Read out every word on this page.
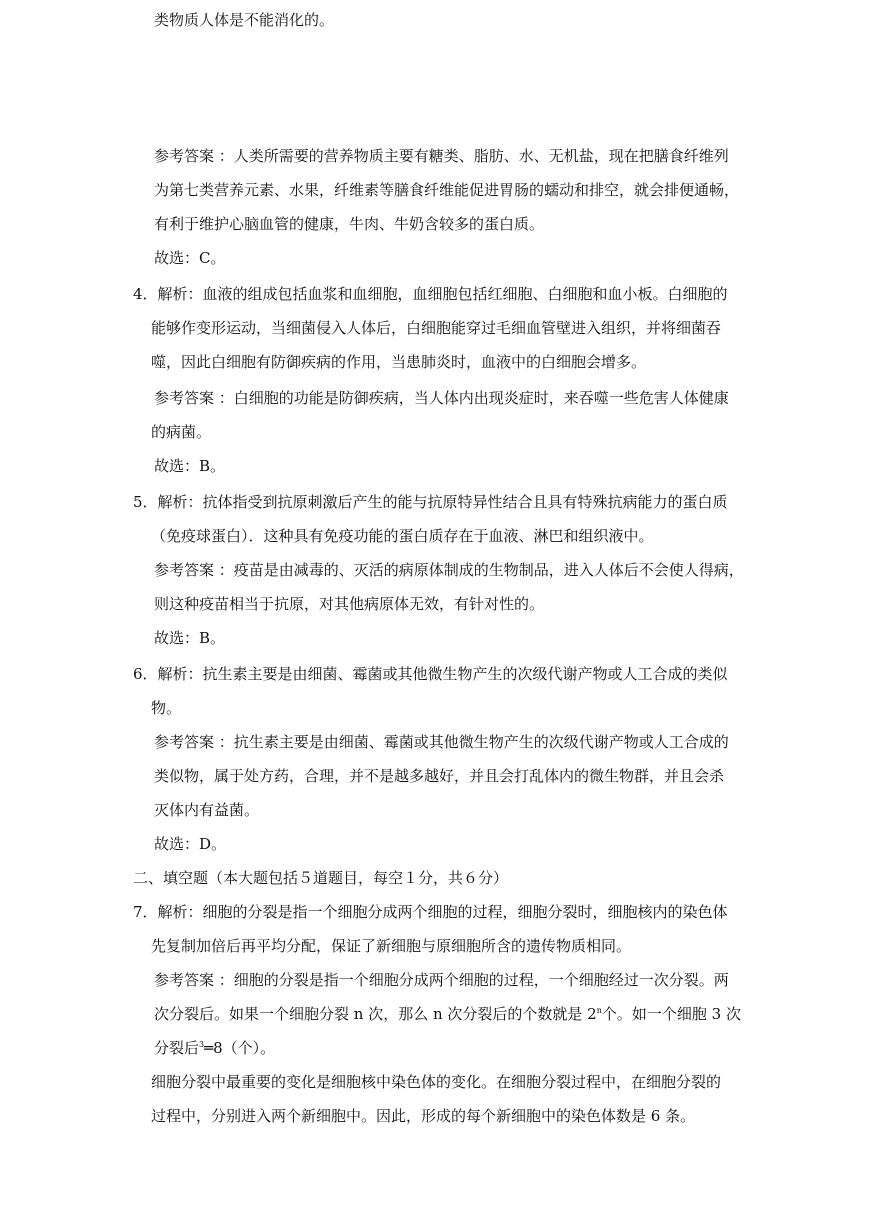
类物质人体是不能消化的。
参考答案 ：人类所需要的营养物质主要有糖类、脂肪、水、无机盐，现在把膳食纤维列
为第七类营养元素、水果，纤维素等膳食纤维能促进胃肠的蠕动和排空，就会排便通畅，
有利于维护心脑血管的健康，牛肉、牛奶含较多的蛋白质。
故选：C。
4．解析：血液的组成包括血浆和血细胞，血细胞包括红细胞、白细胞和血小板。白细胞的
能够作变形运动，当细菌侵入人体后，白细胞能穿过毛细血管壁进入组织，并将细菌吞
噬，因此白细胞有防御疾病的作用，当患肺炎时，血液中的白细胞会增多。
参考答案 ：白细胞的功能是防御疾病，当人体内出现炎症时，来吞噬一些危害人体健康
的病菌。
故选：B。
5．解析：抗体指受到抗原刺激后产生的能与抗原特异性结合且具有特殊抗病能力的蛋白质
（免疫球蛋白）．这种具有免疫功能的蛋白质存在于血液、淋巴和组织液中。
参考答案 ：疫苗是由减毒的、灭活的病原体制成的生物制品，进入人体后不会使人得病，
则这种疫苗相当于抗原，对其他病原体无效，有针对性的。
故选：B。
6．解析：抗生素主要是由细菌、霉菌或其他微生物产生的次级代谢产物或人工合成的类似
物。
参考答案 ：抗生素主要是由细菌、霉菌或其他微生物产生的次级代谢产物或人工合成的
类似物，属于处方药，合理，并不是越多越好，并且会打乱体内的微生物群，并且会杀
灭体内有益菌。
故选：D。
二、填空题（本大题包括５道题目，每空１分，共６分）
7．解析：细胞的分裂是指一个细胞分成两个细胞的过程，细胞分裂时，细胞核内的染色体
先复制加倍后再平均分配，保证了新细胞与原细胞所含的遗传物质相同。
参考答案 ：细胞的分裂是指一个细胞分成两个细胞的过程，一个细胞经过一次分裂。两
次分裂后。如果一个细胞分裂 n 次，那么 n 次分裂后的个数就是 2$^n$个。如一个细胞 3 次
分裂后$^3$═8（个）。
细胞分裂中最重要的变化是细胞核中染色体的变化。在细胞分裂过程中，在细胞分裂的
过程中，分别进入两个新细胞中。因此，形成的每个新细胞中的染色体数是 6 条。
